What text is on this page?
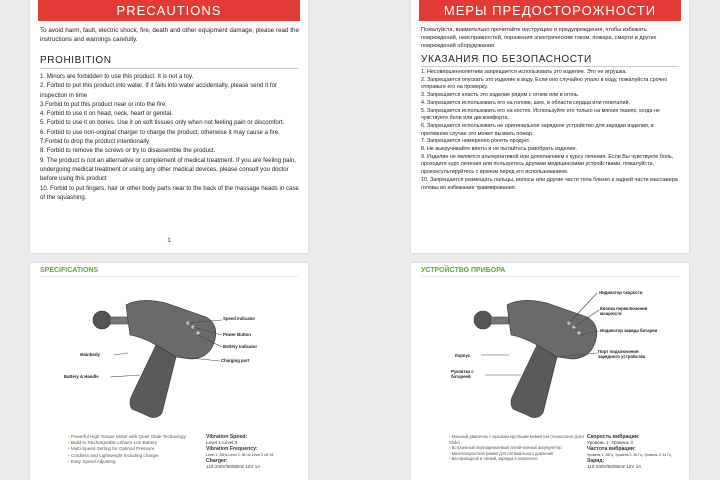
PRECAUTIONS
To avoid harm, fault, electric shock, fire, death and other equipment damage, please read the instructions and warnings carefully.
PROHIBITION
1. Minors are forbidden to use this product. It is not a toy.
2. Forbid to put this product into water. If it fails into water accidentally, please send it for inspection in time
3.Forbid to put this product near or into the fire.
4. Forbid to use it on head, neck, heart or genital.
5. Forbid to use it on bones. Use it on soft tissues only when not feeling pain or discomfort.
6. Forbid to use non-original charger to charge the product, otherwise it may cause a fire.
7.Forbid to drop the product intentionally
8. Forbid to remove the screws or try to disassemble the product.
9. The product is not an alternative or complement of medical treatment. If you are feeling pain, undergoing medical treatment or using any other medical devices, please consult you doctor before using this product
10. Forbid to put fingers, hair or other body parts near to the back of the massage heads in case of the squashing.
1
МЕРЫ ПРЕДОСТОРОЖНОСТИ
Пожалуйста, внимательно прочитайте инструкцию и предупреждения, чтобы избежать повреждений, неисправностей, поражения электрическим током, пожара, смерти и других повреждений оборудования.
УКАЗАНИЯ ПО БЕЗОПАСНОСТИ
1. Несовершеннолетним запрещается использовать это изделие. Это не игрушка.
2. Запрещается опускать это изделие в воду. Если оно случайно упало в воду, пожалуйста срочно отправьте его на проверку.
3. Запрещается класть это изделие рядом с огнем или в огонь.
4. Запрещается использовать его на голове, шее, в области сердца или гениталий.
5. Запрещается использовать его на костях. Используйте его только на мягких тканях, когда не чувствуете боли или дискомфорта.
6. Запрещается использовать не оригинальное зарядное устройство для зарядки изделия, в противном случае это может вызвать пожар.
7. Запрещается намеренно ронять продукт.
8. Не выкручивайте винты и не пытайтесь разобрать изделие.
9. Изделие не является альтернативой или дополнением к курсу лечения. Если Вы чувствуете боль, проходите курс лечения или пользуетесь другими медицинскими устройствами, пожалуйста, проконсультируйтесь с врачом перед его использованием.
10. Запрещается размещать пальцы, волосы или другие части тела близко к задней части массажера головы во избежание травмирования.
SPECIFICATIONS
Speed Indicator
Power Button
Battery Indicator
Charging port
Mainbody
Battery & Handle
• Powerful High Torque Motor with Quiet Glide Technology
• Build-in Rechargeable Lithium-Lon Battery
• Multi-Speed Setting for Optimal Pressure
• Cordless and Lightweight Including charger
• Easy Speed Adjusting
Vibration Speed:
Level 1-Level 3
Vibration Frequency:
Level 1: 28Hz,Level 2: 36 Hz,Level 3 off: 51
Charger:
110-240V/50/60Hz 12V 1A
УСТРОЙСТВО ПРИБОРА
Индикатор скорости
Кнопка переключения мощности
Индикатор заряда батареи
Порт подключения зарядного устройства
Корпус
Рукоятка с батареей
• Мощный двигатель с высоким крутящим моментом (технология Quiet Glide)
• Встроенный перезаряжаемый литий-ионный аккумулятор
• Многоскоростной режим для оптимального давления
• Беспроводной и легкий, зарядка в комплекте
Скорость вибрации:
Уровень 1- Уровень 3
Частота вибрации:
Уровень 1: 28Гц, Уровень 2: 36 Гц, Уровень 3: 51 Гц
Заряд:
110-240V/50/60Hz 12V 1A
